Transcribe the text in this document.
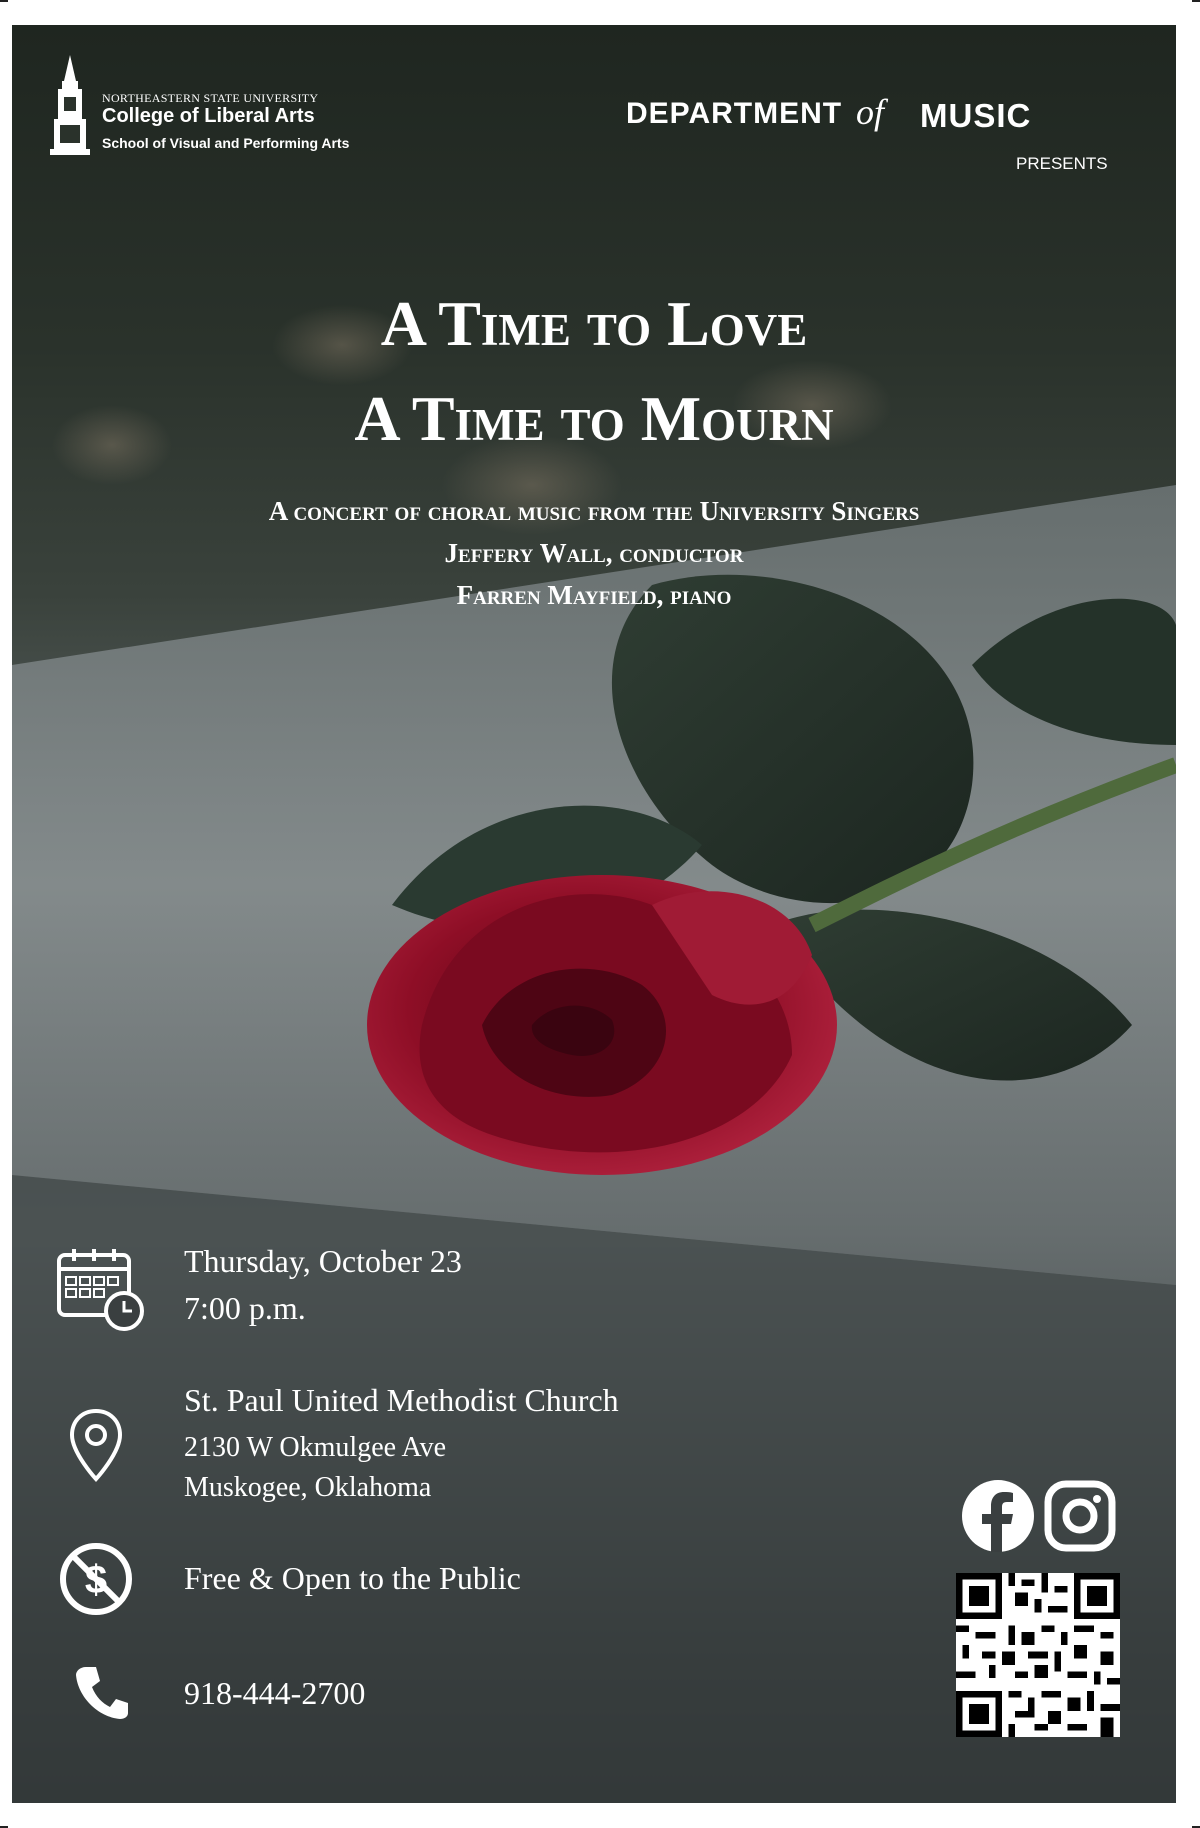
NORTHEASTERN STATE UNIVERSITY
College of Liberal Arts
School of Visual and Performing Arts
DEPARTMENT of MUSIC
PRESENTS
A Time to Love
A Time to Mourn
A concert of choral music from the University Singers
Jeffery Wall, conductor
Farren Mayfield, piano
Thursday, October 23
7:00 p.m.
St. Paul United Methodist Church
2130 W Okmulgee Ave
Muskogee, Oklahoma
$ Free & Open to the Public
918-444-2700
